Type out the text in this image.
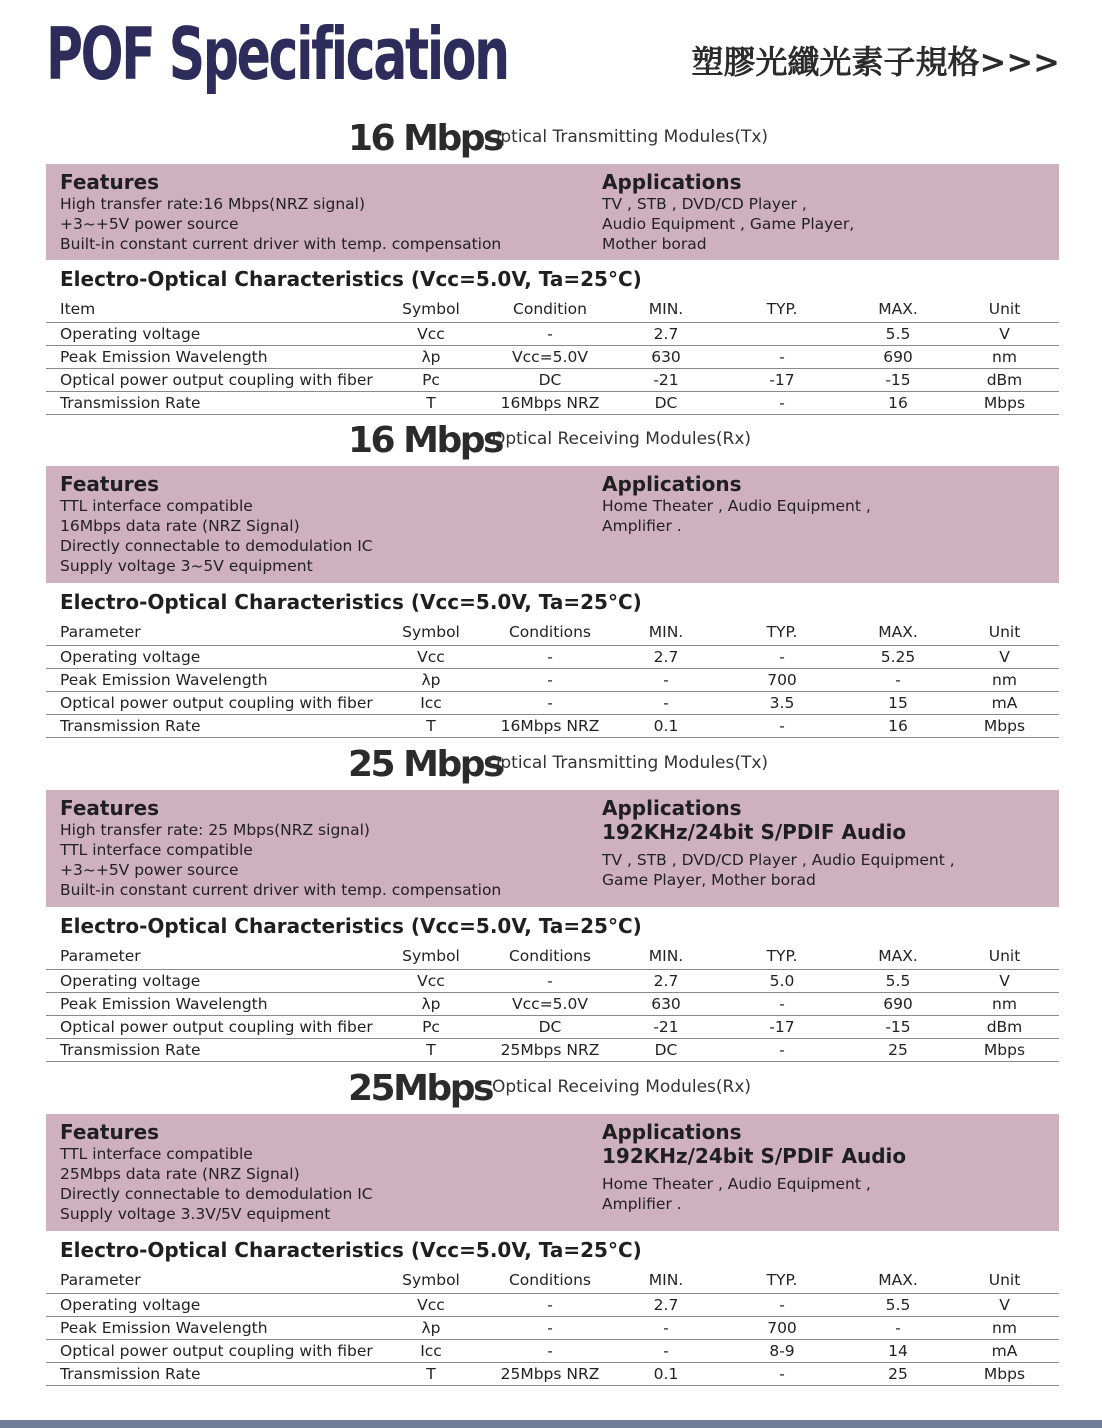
POF Specification	塑膠光纖光素子規格>>>
16 Mbps
Optical Transmitting Modules(Tx)
Features
High transfer rate:16 Mbps(NRZ signal)
+3~+5V power source
Built-in constant current driver with temp. compensation
Applications
TV , STB , DVD/CD Player ,
Audio Equipment , Game Player,
Mother borad
Electro-Optical Characteristics (Vcc=5.0V, Ta=25°C)
Item	Symbol	Condition	MIN.	TYP.	MAX.	Unit
Operating voltage	Vcc	-	2.7		5.5	V
Peak Emission Wavelength	λp	Vcc=5.0V	630	-	690	nm
Optical power output coupling with fiber	Pc	DC	-21	-17	-15	dBm
Transmission Rate	T	16Mbps NRZ	DC	-	16	Mbps
16 Mbps
Optical Receiving Modules(Rx)
Features
TTL interface compatible
16Mbps data rate (NRZ Signal)
Directly connectable to demodulation IC
Supply voltage 3~5V equipment
Applications
Home Theater , Audio Equipment ,
Amplifier .
Electro-Optical Characteristics (Vcc=5.0V, Ta=25°C)
Parameter	Symbol	Conditions	MIN.	TYP.	MAX.	Unit
Operating voltage	Vcc	-	2.7	-	5.25	V
Peak Emission Wavelength	λp	-	-	700	-	nm
Optical power output coupling with fiber	Icc	-	-	3.5	15	mA
Transmission Rate	T	16Mbps NRZ	0.1	-	16	Mbps
25 Mbps
Optical Transmitting Modules(Tx)
Features
High transfer rate: 25 Mbps(NRZ signal)
TTL interface compatible
+3~+5V power source
Built-in constant current driver with temp. compensation
Applications
192KHz/24bit S/PDIF Audio
TV , STB , DVD/CD Player , Audio Equipment ,
Game Player, Mother borad
Electro-Optical Characteristics (Vcc=5.0V, Ta=25°C)
Parameter	Symbol	Conditions	MIN.	TYP.	MAX.	Unit
Operating voltage	Vcc	-	2.7	5.0	5.5	V
Peak Emission Wavelength	λp	Vcc=5.0V	630	-	690	nm
Optical power output coupling with fiber	Pc	DC	-21	-17	-15	dBm
Transmission Rate	T	25Mbps NRZ	DC	-	25	Mbps
25Mbps Optical Receiving Modules(Rx)
Features
TTL interface compatible
25Mbps data rate (NRZ Signal)
Directly connectable to demodulation IC
Supply voltage 3.3V/5V equipment
Applications
192KHz/24bit S/PDIF Audio
Home Theater , Audio Equipment ,
Amplifier .
Electro-Optical Characteristics (Vcc=5.0V, Ta=25°C)
Parameter	Symbol	Conditions	MIN.	TYP.	MAX.	Unit
Operating voltage	Vcc	-	2.7	-	5.5	V
Peak Emission Wavelength	λp	-	-	700	-	nm
Optical power output coupling with fiber	Icc	-	-	8-9	14	mA
Transmission Rate	T	25Mbps NRZ	0.1	-	25	Mbps
